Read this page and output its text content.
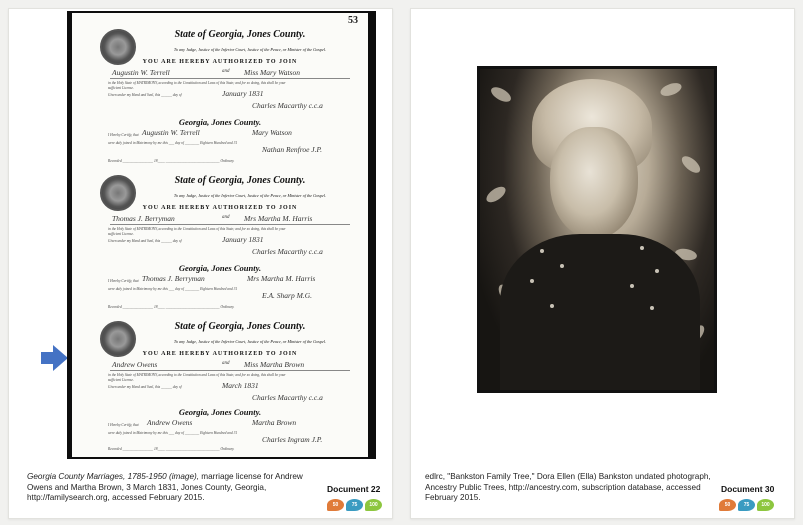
53
State of Georgia, Jones County.
To any Judge, Justice of the Inferior Court, Justice of the Peace, or Minister of the Gospel.
YOU ARE HEREBY AUTHORIZED TO JOIN
Augustin W. Terrell	and Miss Mary Watson
in the Holy State of MATRIMONY, according to the Constitution and Laws of this State; and for so doing, this shall be your
sufficient License.
Given under my Hand and Seal, this ______ day of	January 1831
Charles Macarthy c.c.a
Georgia, Jones County.
I Hereby Certify, that Augustin W. Terrell	Mary Watson
were duly joined in Matrimony by me this ___ day of ________ Eighteen Hundred and 31
Nathan Renfroe J.P.
Recorded _________________ 18____ ______________________________ Ordinary.
State of Georgia, Jones County.
To any Judge, Justice of the Inferior Court, Justice of the Peace, or Minister of the Gospel.
YOU ARE HEREBY AUTHORIZED TO JOIN
Thomas J. Berryman	and Mrs Martha M. Harris
in the Holy State of MATRIMONY, according to the Constitution and Laws of this State; and for so doing, this shall be your
sufficient License.
Given under my Hand and Seal, this ______ day of	January 1831
Charles Macarthy c.c.a
Georgia, Jones County.
I Hereby Certify, that Thomas J. Berryman	Mrs Martha M. Harris
were duly joined in Matrimony by me this ___ day of ________ Eighteen Hundred and 31
E.A. Sharp M.G.
Recorded _________________ 18____ ______________________________ Ordinary.
State of Georgia, Jones County.
To any Judge, Justice of the Inferior Court, Justice of the Peace, or Minister of the Gospel.
YOU ARE HEREBY AUTHORIZED TO JOIN
Andrew Owens	and Miss Martha Brown
in the Holy State of MATRIMONY, according to the Constitution and Laws of this State; and for so doing, this shall be your
sufficient License.
Given under my Hand and Seal, this ______ day of	March 1831
Charles Macarthy c.c.a
Georgia, Jones County.
I Hereby Certify, that Andrew Owens	Martha Brown
were duly joined in Matrimony by me this ___ day of ________ Eighteen Hundred and 31
Charles Ingram J.P.
Recorded _________________ 18____ ______________________________ Ordinary.
Georgia County Marriages, 1785-1950 (image), marriage license for Andrew Owens and Martha Brown, 3 March 1831, Jones County, Georgia, http://familysearch.org, accessed February 2015.
Document 22
50	75	100
edlrc, "Bankston Family Tree," Dora Ellen (Ella) Bankston undated photograph, Ancestry Public Trees, http://ancestry.com, subscription database, accessed February 2015.
Document 30
50	75	100
